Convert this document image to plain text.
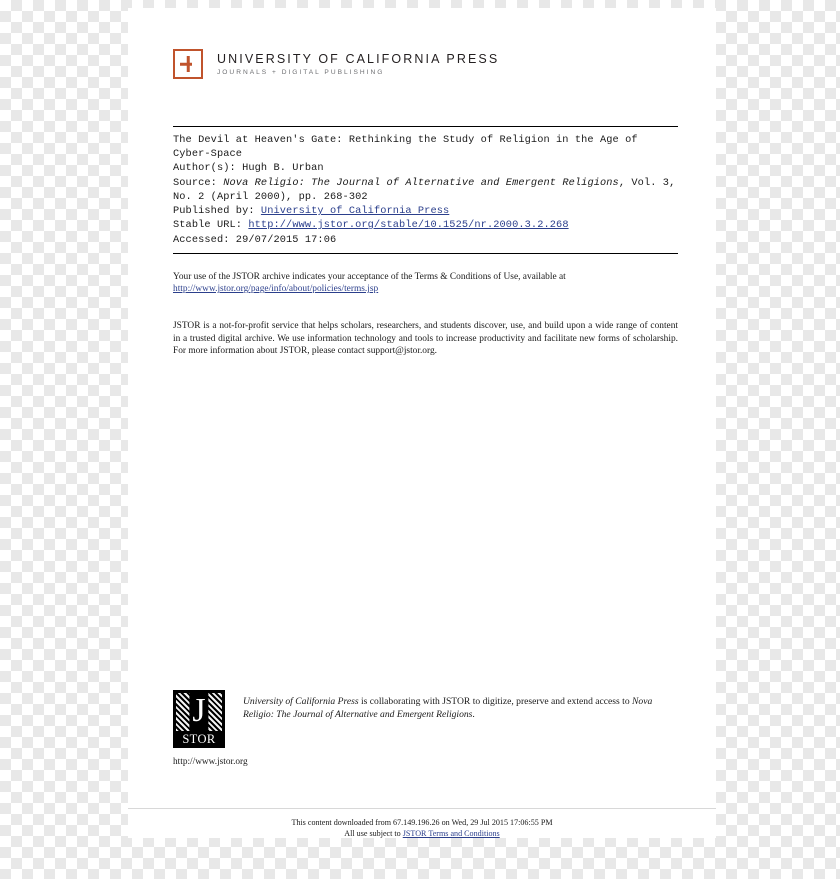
UNIVERSITY OF CALIFORNIA PRESS
JOURNALS + DIGITAL PUBLISHING
The Devil at Heaven's Gate: Rethinking the Study of Religion in the Age of Cyber-Space
Author(s): Hugh B. Urban
Source: Nova Religio: The Journal of Alternative and Emergent Religions, Vol. 3, No. 2 (April 2000), pp. 268-302
Published by: University of California Press
Stable URL: http://www.jstor.org/stable/10.1525/nr.2000.3.2.268
Accessed: 29/07/2015 17:06
Your use of the JSTOR archive indicates your acceptance of the Terms & Conditions of Use, available at
http://www.jstor.org/page/info/about/policies/terms.jsp
JSTOR is a not-for-profit service that helps scholars, researchers, and students discover, use, and build upon a wide range of content in a trusted digital archive. We use information technology and tools to increase productivity and facilitate new forms of scholarship. For more information about JSTOR, please contact support@jstor.org.
J
STOR
University of California Press is collaborating with JSTOR to digitize, preserve and extend access to Nova Religio: The Journal of Alternative and Emergent Religions.
http://www.jstor.org
This content downloaded from 67.149.196.26 on Wed, 29 Jul 2015 17:06:55 PM
All use subject to JSTOR Terms and Conditions
